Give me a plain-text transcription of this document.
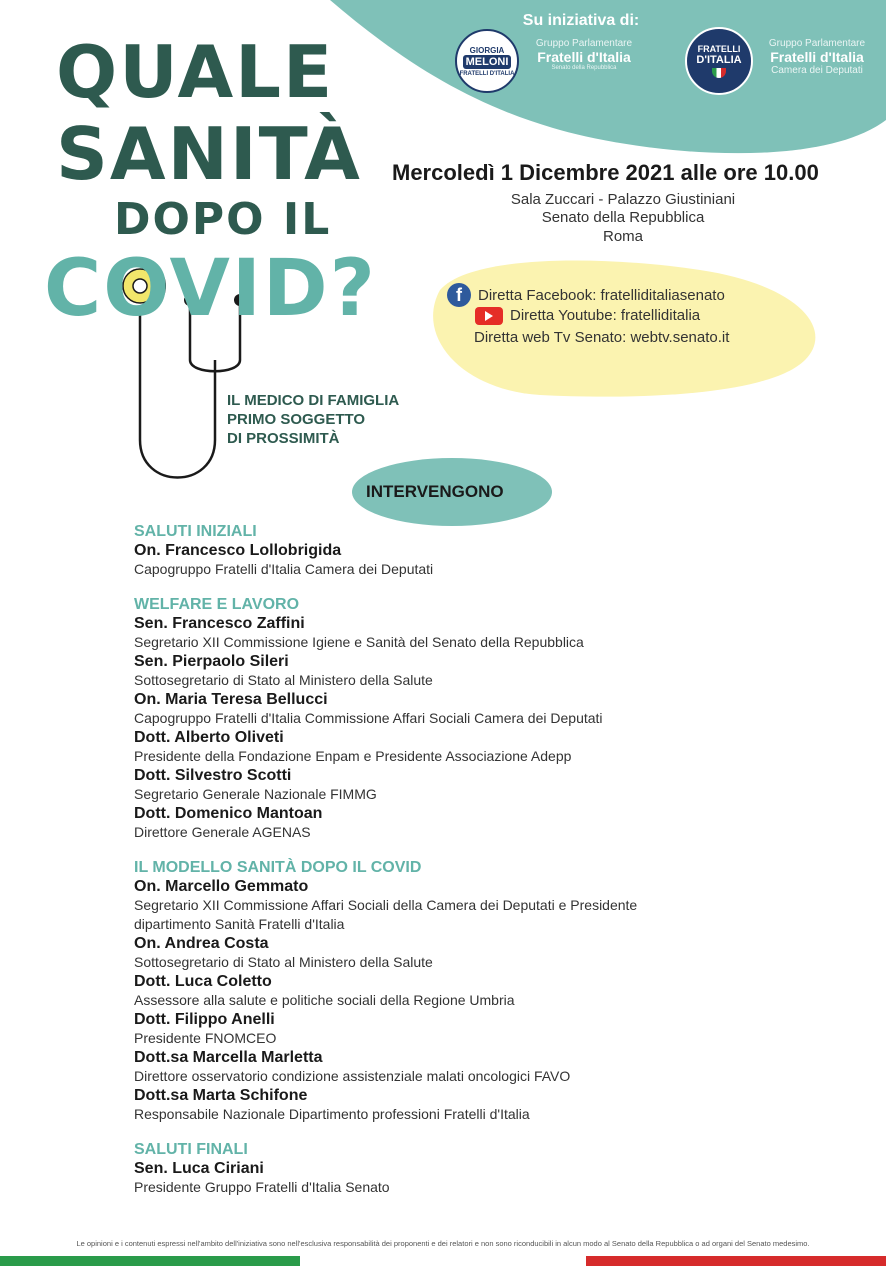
Su iniziativa di:
GIORGIA
MELONI
FRATELLI D'ITALIA
Gruppo Parlamentare
Fratelli d'Italia
Senato della Repubblica
FRATELLI
D'ITALIA
Gruppo Parlamentare
Fratelli d'Italia
Camera dei Deputati
QUALE
SANITÀ
DOPO IL
COVID?
IL MEDICO DI FAMIGLIA
PRIMO SOGGETTO
DI PROSSIMITÀ
Mercoledì 1 Dicembre 2021 alle ore 10.00
Sala Zuccari - Palazzo Giustiniani
Senato della Repubblica
Roma
f	Diretta Facebook: fratelliditaliasenato
Diretta Youtube: fratelliditalia
Diretta web Tv Senato: webtv.senato.it
INTERVENGONO
SALUTI INIZIALI
On. Francesco Lollobrigida
Capogruppo Fratelli d'Italia Camera dei Deputati
WELFARE E LAVORO
Sen. Francesco Zaffini
Segretario XII Commissione Igiene e Sanità del Senato della Repubblica
Sen. Pierpaolo Sileri
Sottosegretario di Stato al Ministero della Salute
On. Maria Teresa Bellucci
Capogruppo Fratelli d'Italia Commissione Affari Sociali Camera dei Deputati
Dott. Alberto Oliveti
Presidente della Fondazione Enpam e Presidente Associazione Adepp
Dott. Silvestro Scotti
Segretario Generale Nazionale FIMMG
Dott. Domenico Mantoan
Direttore Generale AGENAS
IL MODELLO SANITÀ DOPO IL COVID
On. Marcello Gemmato
Segretario XII Commissione Affari Sociali della Camera dei Deputati e Presidente
dipartimento Sanità Fratelli d'Italia
On. Andrea Costa
Sottosegretario di Stato al Ministero della Salute
Dott. Luca Coletto
Assessore alla salute e politiche sociali della Regione Umbria
Dott. Filippo Anelli
Presidente FNOMCEO
Dott.sa Marcella Marletta
Direttore osservatorio condizione assistenziale malati oncologici FAVO
Dott.sa Marta Schifone
Responsabile Nazionale Dipartimento professioni Fratelli d'Italia
SALUTI FINALI
Sen. Luca Ciriani
Presidente Gruppo Fratelli d'Italia Senato
Le opinioni e i contenuti espressi nell'ambito dell'iniziativa sono nell'esclusiva responsabilità dei proponenti e dei relatori e non sono riconducibili in alcun modo al Senato della Repubblica o ad organi del Senato medesimo.
